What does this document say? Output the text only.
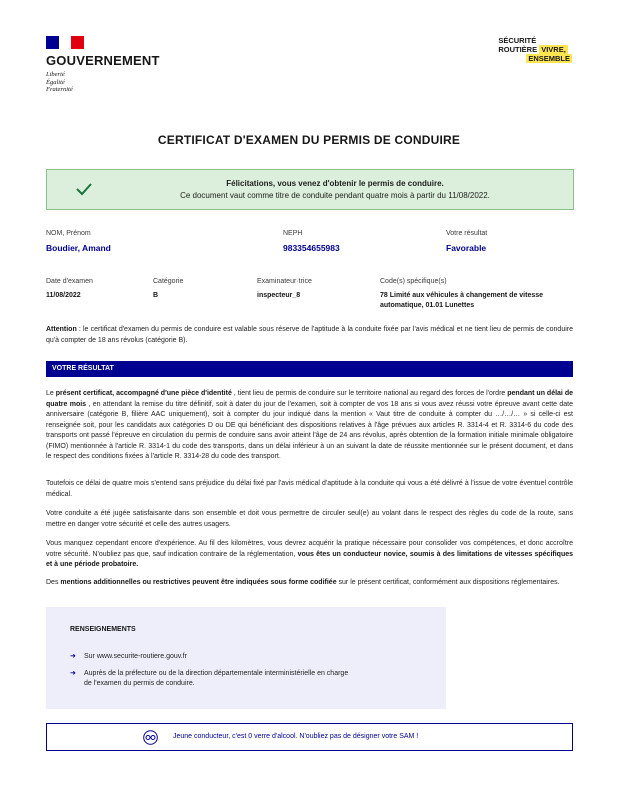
GOUVERNEMENT
Liberté
Égalité
Fraternité
SÉCURITÉ
ROUTIÈRE VIVRE,
ENSEMBLE
CERTIFICAT D'EXAMEN DU PERMIS DE CONDUIRE
Félicitations, vous venez d'obtenir le permis de conduire.
Ce document vaut comme titre de conduite pendant quatre mois à partir du 11/08/2022.
NOM, Prénom
Boudier, Amand
NEPH
983354655983
Votre résultat
Favorable
Date d'examen
11/08/2022
Catégorie
B
Examinateur·trice
inspecteur_8
Code(s) spécifique(s)
78 Limité aux véhicules à changement de vitesse
automatique, 01.01 Lunettes
Attention : le certificat d'examen du permis de conduire est valable sous réserve de l'aptitude à la conduite fixée par l'avis médical et ne tient lieu de permis de conduire qu'à compter de 18 ans révolus (catégorie B).
VOTRE RÉSULTAT
Le présent certificat, accompagné d'une pièce d'identité , tient lieu de permis de conduire sur le territoire national au regard des forces de l'ordre pendant un délai de quatre mois , en attendant la remise du titre définitif, soit à dater du jour de l'examen, soit à compter de vos 18 ans si vous avez réussi votre épreuve avant cette date anniversaire (catégorie B, filière AAC uniquement), soit à compter du jour indiqué dans la mention « Vaut titre de conduite à compter du …/…/… » si celle-ci est renseignée soit, pour les candidats aux catégories D ou DE qui bénéficiant des dispositions relatives à l'âge prévues aux articles R. 3314-4 et R. 3314-6 du code des transports ont passé l'épreuve en circulation du permis de conduire sans avoir atteint l'âge de 24 ans révolus, après obtention de la formation initiale minimale obligatoire (FIMO) mentionnée à l'article R. 3314-1 du code des transports, dans un délai inférieur à un an suivant la date de réussite mentionnée sur le présent document, et dans le respect des conditions fixées à l'article R. 3314-28 du code des transport.
Toutefois ce délai de quatre mois s'entend sans préjudice du délai fixé par l'avis médical d'aptitude à la conduite qui vous a été délivré à l'issue de votre éventuel contrôle médical.
Votre conduite a été jugée satisfaisante dans son ensemble et doit vous permettre de circuler seul(e) au volant dans le respect des règles du code de la route, sans mettre en danger votre sécurité et celle des autres usagers.
Vous manquez cependant encore d'expérience. Au fil des kilomètres, vous devrez acquérir la pratique nécessaire pour consolider vos compétences, et donc accroître votre sécurité. N'oubliez pas que, sauf indication contraire de la réglementation, vous êtes un conducteur novice, soumis à des limitations de vitesses spécifiques et à une période probatoire.
Des mentions additionnelles ou restrictives peuvent être indiquées sous forme codifiée sur le présent certificat, conformément aux dispositions réglementaires.
RENSEIGNEMENTS
➜ Sur www.securite-routiere.gouv.fr
➜ Auprès de la préfecture ou de la direction départementale interministérielle en charge
de l'examen du permis de conduire.
Jeune conducteur, c'est 0 verre d'alcool. N'oubliez pas de désigner votre SAM !
